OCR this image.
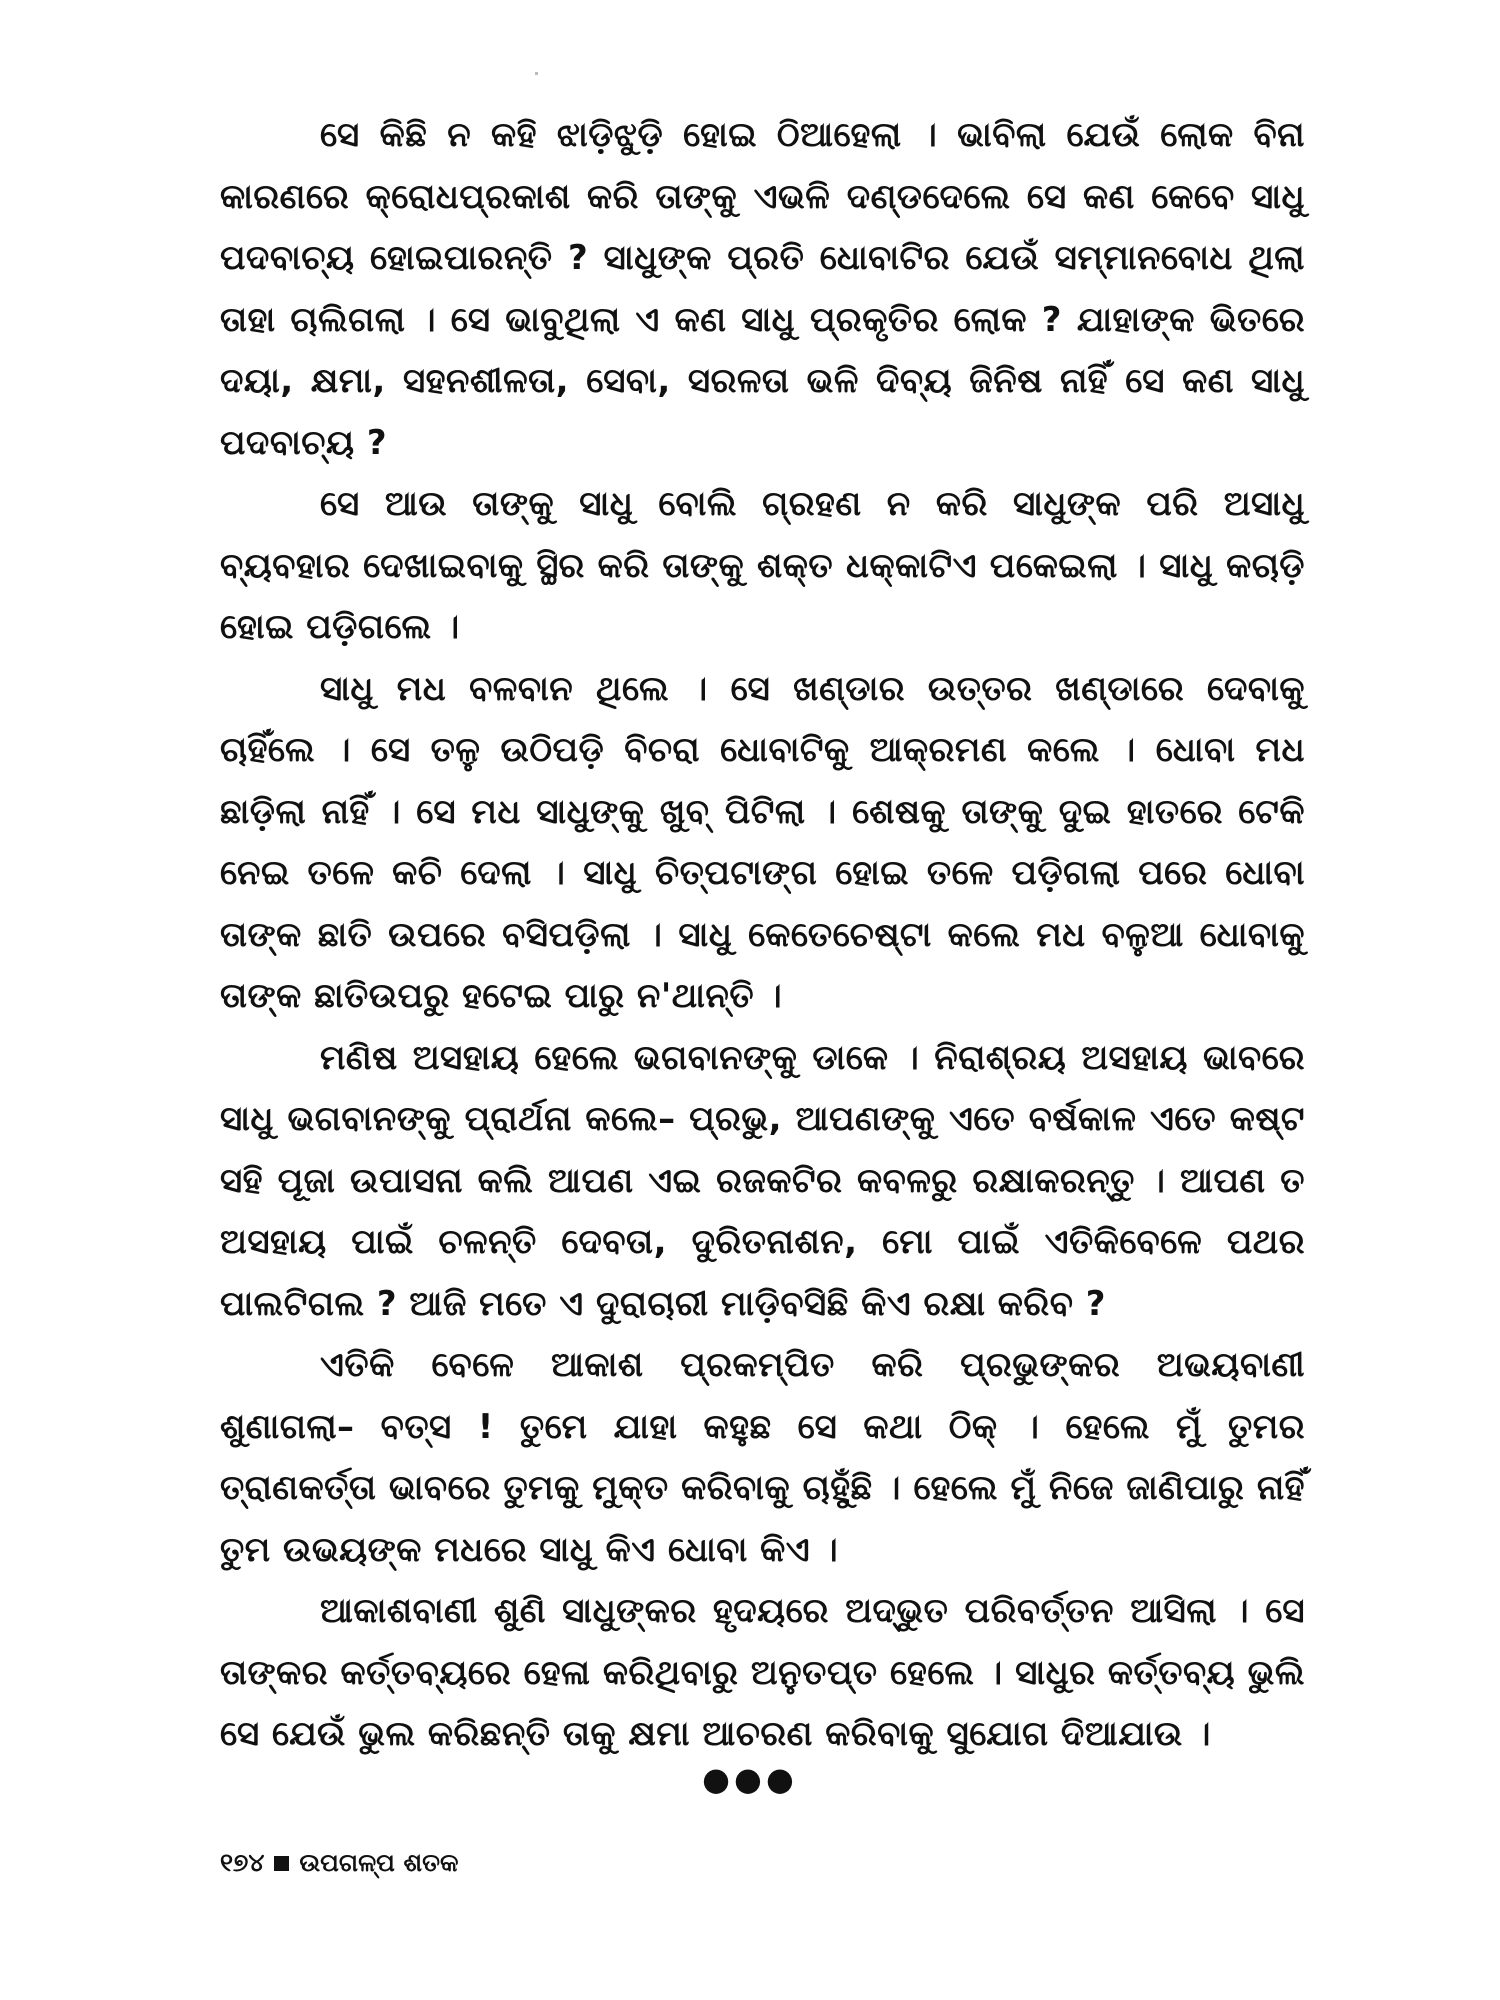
ସେ କିଛି ନ କହି ଝାଡ଼ିଝୁଡ଼ି ହୋଇ ଠିଆହେଲା । ଭାବିଲା ଯେଉଁ ଲୋକ ବିନା କାରଣରେ କ୍ରୋଧପ୍ରକାଶ କରି ତାଙ୍କୁ ଏଭଳି ଦଣ୍ଡଦେଲେ ସେ କଣ କେବେ ସାଧୁ ପଦବାଚ୍ୟ ହୋଇପାରନ୍ତି ? ସାଧୁଙ୍କ ପ୍ରତି ଧୋବାଟିର ଯେଉଁ ସମ୍ମାନବୋଧ ଥିଲା ତାହା ଚାଲିଗଲା । ସେ ଭାବୁଥିଲା ଏ କଣ ସାଧୁ ପ୍ରକୃତିର ଲୋକ ? ଯାହାଙ୍କ ଭିତରେ ଦୟା, କ୍ଷମା, ସହନଶୀଳତା, ସେବା, ସରଳତା ଭଳି ଦିବ୍ୟ ଜିନିଷ ନାହିଁ ସେ କଣ ସାଧୁ ପଦବାଚ୍ୟ ?

ସେ ଆଉ ତାଙ୍କୁ ସାଧୁ ବୋଲି ଗ୍ରହଣ ନ କରି ସାଧୁଙ୍କ ପରି ଅସାଧୁ ବ୍ୟବହାର ଦେଖାଇବାକୁ ସ୍ଥିର କରି ତାଙ୍କୁ ଶକ୍ତ ଧକ୍କାଟିଏ ପକେଇଲା । ସାଧୁ କଚାଡ଼ି ହୋଇ ପଡ଼ିଗଲେ ।

ସାଧୁ ମଧ ବଳବାନ ଥିଲେ । ସେ ଖଣ୍ଡାର ଉତ୍ତର ଖଣ୍ଡାରେ ଦେବାକୁ ଚାହିଁଲେ । ସେ ତଳୁ ଉଠିପଡ଼ି ବିଚରା ଧୋବାଟିକୁ ଆକ୍ରମଣ କଲେ । ଧୋବା ମଧ ଛାଡ଼ିଲା ନାହିଁ । ସେ ମଧ ସାଧୁଙ୍କୁ ଖୁବ୍ ପିଟିଲା । ଶେଷକୁ ତାଙ୍କୁ ଦୁଇ ହାତରେ ଟେକି ନେଇ ତଳେ କଚି ଦେଲା । ସାଧୁ ଚିତ୍‌ପଟାଙ୍ଗ ହୋଇ ତଳେ ପଡ଼ିଗଲା ପରେ ଧୋବା ତାଙ୍କ ଛାତି ଉପରେ ବସିପଡ଼ିଲା । ସାଧୁ କେତେଚେଷ୍ଟା କଲେ ମଧ ବଳୁଆ ଧୋବାକୁ ତାଙ୍କ ଛାତିଉପରୁ ହଟେଇ ପାରୁ ନ'ଥାନ୍ତି ।

ମଣିଷ ଅସହାୟ ହେଲେ ଭଗବାନଙ୍କୁ ଡାକେ । ନିରାଶ୍ରୟ ଅସହାୟ ଭାବରେ ସାଧୁ ଭଗବାନଙ୍କୁ ପ୍ରାର୍ଥନା କଲେ– ପ୍ରଭୁ, ଆପଣଙ୍କୁ ଏତେ ବର୍ଷକାଳ ଏତେ କଷ୍ଟ ସହି ପୂଜା ଉପାସନା କଲି ଆପଣ ଏଇ ରଜକଟିର କବଳରୁ ରକ୍ଷାକରନ୍ତୁ । ଆପଣ ତ ଅସହାୟ ପାଇଁ ଚଳନ୍ତି ଦେବତା, ଦୁରିତନାଶନ, ମୋ ପାଇଁ ଏତିକିବେଳେ ପଥର ପାଲଟିଗଲ ? ଆଜି ମତେ ଏ ଦୁରାଚାରୀ ମାଡ଼ିବସିଛି କିଏ ରକ୍ଷା କରିବ ?

ଏତିକି ବେଳେ ଆକାଶ ପ୍ରକମ୍ପିତ କରି ପ୍ରଭୁଙ୍କର ଅଭୟବାଣୀ ଶୁଣାଗଲା– ବତ୍ସ ! ତୁମେ ଯାହା କହୁଛ ସେ କଥା ଠିକ୍ । ହେଲେ ମୁଁ ତୁମର ତ୍ରାଣକର୍ତ୍ତା ଭାବରେ ତୁମକୁ ମୁକ୍ତ କରିବାକୁ ଚାହୁଁଛି । ହେଲେ ମୁଁ ନିଜେ ଜାଣିପାରୁ ନାହିଁ ତୁମ ଉଭୟଙ୍କ ମଧରେ ସାଧୁ କିଏ ଧୋବା କିଏ ।

ଆକାଶବାଣୀ ଶୁଣି ସାଧୁଙ୍କର ହୃଦୟରେ ଅଦ୍ଭୁତ ପରିବର୍ତ୍ତନ ଆସିଲା । ସେ ତାଙ୍କର କର୍ତ୍ତବ୍ୟରେ ହେଳା କରିଥିବାରୁ ଅନୁତପ୍ତ ହେଲେ । ସାଧୁର କର୍ତ୍ତବ୍ୟ ଭୁଲି ସେ ଯେଉଁ ଭୁଲ କରିଛନ୍ତି ତାକୁ କ୍ଷମା ଆଚରଣ କରିବାକୁ ସୁଯୋଗ ଦିଆଯାଉ ।

●●●
୧୭୪ ଉପଗଳ୍ପ ଶତକ
